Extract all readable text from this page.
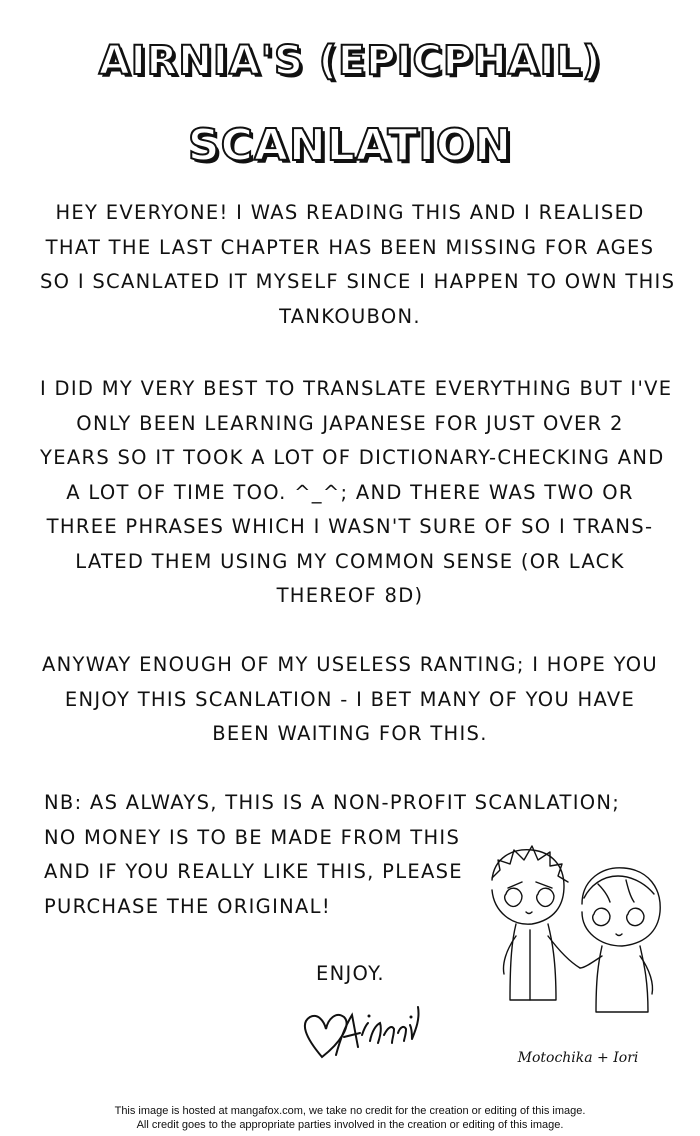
AIRNIA'S (EPICPHAIL)
SCANLATION
HEY EVERYONE! I WAS READING THIS AND I REALISED
THAT THE LAST CHAPTER HAS BEEN MISSING FOR AGES
SO I SCANLATED IT MYSELF SINCE I HAPPEN TO OWN THIS
TANKOUBON.
I DID MY VERY BEST TO TRANSLATE EVERYTHING BUT I'VE
ONLY BEEN LEARNING JAPANESE FOR JUST OVER 2
YEARS SO IT TOOK A LOT OF DICTIONARY-CHECKING AND
A LOT OF TIME TOO. ^_^; AND THERE WAS TWO OR
THREE PHRASES WHICH I WASN'T SURE OF SO I TRANS-
LATED THEM USING MY COMMON SENSE (OR LACK
THEREOF 8D)
ANYWAY ENOUGH OF MY USELESS RANTING; I HOPE YOU
ENJOY THIS SCANLATION - I BET MANY OF YOU HAVE
BEEN WAITING FOR THIS.
NB: AS ALWAYS, THIS IS A NON-PROFIT SCANLATION;
NO MONEY IS TO BE MADE FROM THIS
AND IF YOU REALLY LIKE THIS, PLEASE
PURCHASE THE ORIGINAL!
ENJOY.
Motochika + Iori
This image is hosted at mangafox.com, we take no credit for the creation or editing of this image.
All credit goes to the appropriate parties involved in the creation or editing of this image.
